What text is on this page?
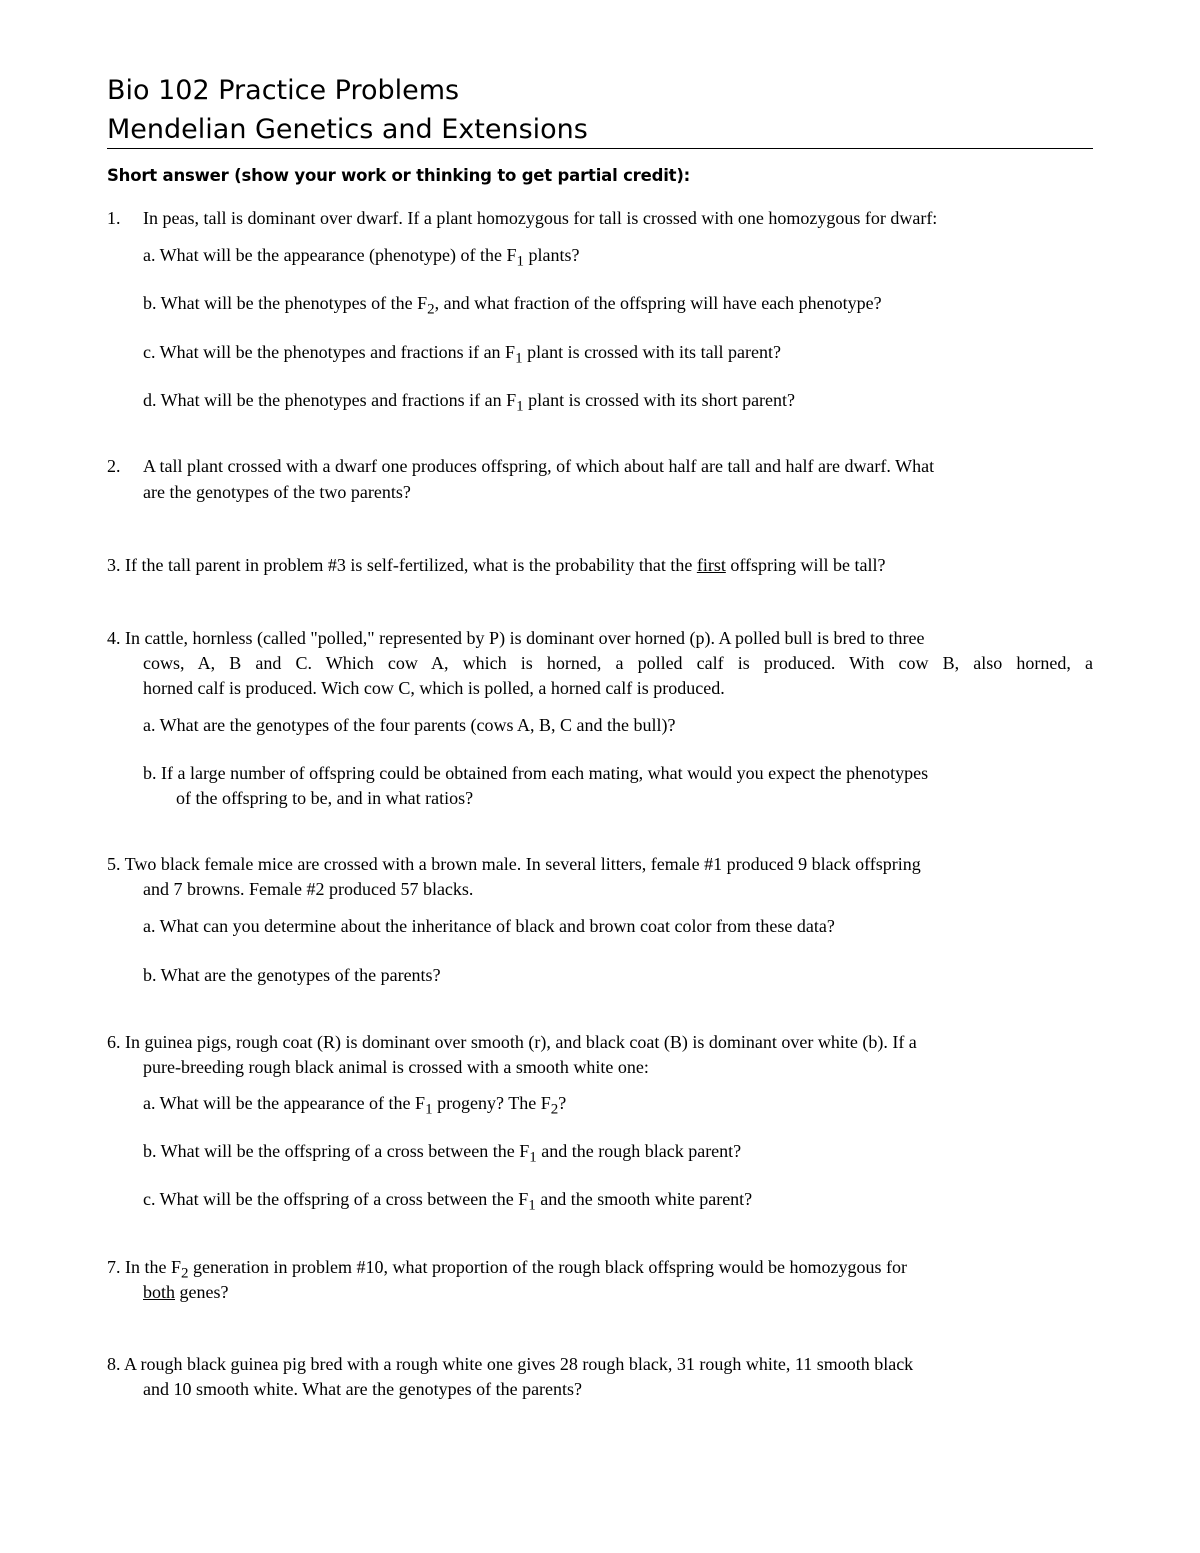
Bio 102 Practice Problems
Mendelian Genetics and Extensions
Short answer (show your work or thinking to get partial credit):
1. In peas, tall is dominant over dwarf. If a plant homozygous for tall is crossed with one homozygous for dwarf:
a. What will be the appearance (phenotype) of the $F_1$ plants?
b. What will be the phenotypes of the $F_2$, and what fraction of the offspring will have each phenotype?
c. What will be the phenotypes and fractions if an $F_1$ plant is crossed with its tall parent?
d. What will be the phenotypes and fractions if an $F_1$ plant is crossed with its short parent?
2. A tall plant crossed with a dwarf one produces offspring, of which about half are tall and half are dwarf. What
are the genotypes of the two parents?
3. If the tall parent in problem #3 is self-fertilized, what is the probability that the first offspring will be tall?
4. In cattle, hornless (called "polled," represented by P) is dominant over horned (p). A polled bull is bred to three
cows, A, B and C. Which cow A, which is horned, a polled calf is produced. With cow B, also horned, a
horned calf is produced. Wich cow C, which is polled, a horned calf is produced.
a. What are the genotypes of the four parents (cows A, B, C and the bull)?
b. If a large number of offspring could be obtained from each mating, what would you expect the phenotypes
of the offspring to be, and in what ratios?
5. Two black female mice are crossed with a brown male. In several litters, female #1 produced 9 black offspring
and 7 browns. Female #2 produced 57 blacks.
a. What can you determine about the inheritance of black and brown coat color from these data?
b. What are the genotypes of the parents?
6. In guinea pigs, rough coat (R) is dominant over smooth (r), and black coat (B) is dominant over white (b). If a
pure-breeding rough black animal is crossed with a smooth white one:
a. What will be the appearance of the $F_1$ progeny? The $F_2$?
b. What will be the offspring of a cross between the $F_1$ and the rough black parent?
c. What will be the offspring of a cross between the $F_1$ and the smooth white parent?
7. In the $F_2$ generation in problem #10, what proportion of the rough black offspring would be homozygous for
both genes?
8. A rough black guinea pig bred with a rough white one gives 28 rough black, 31 rough white, 11 smooth black
and 10 smooth white. What are the genotypes of the parents?
